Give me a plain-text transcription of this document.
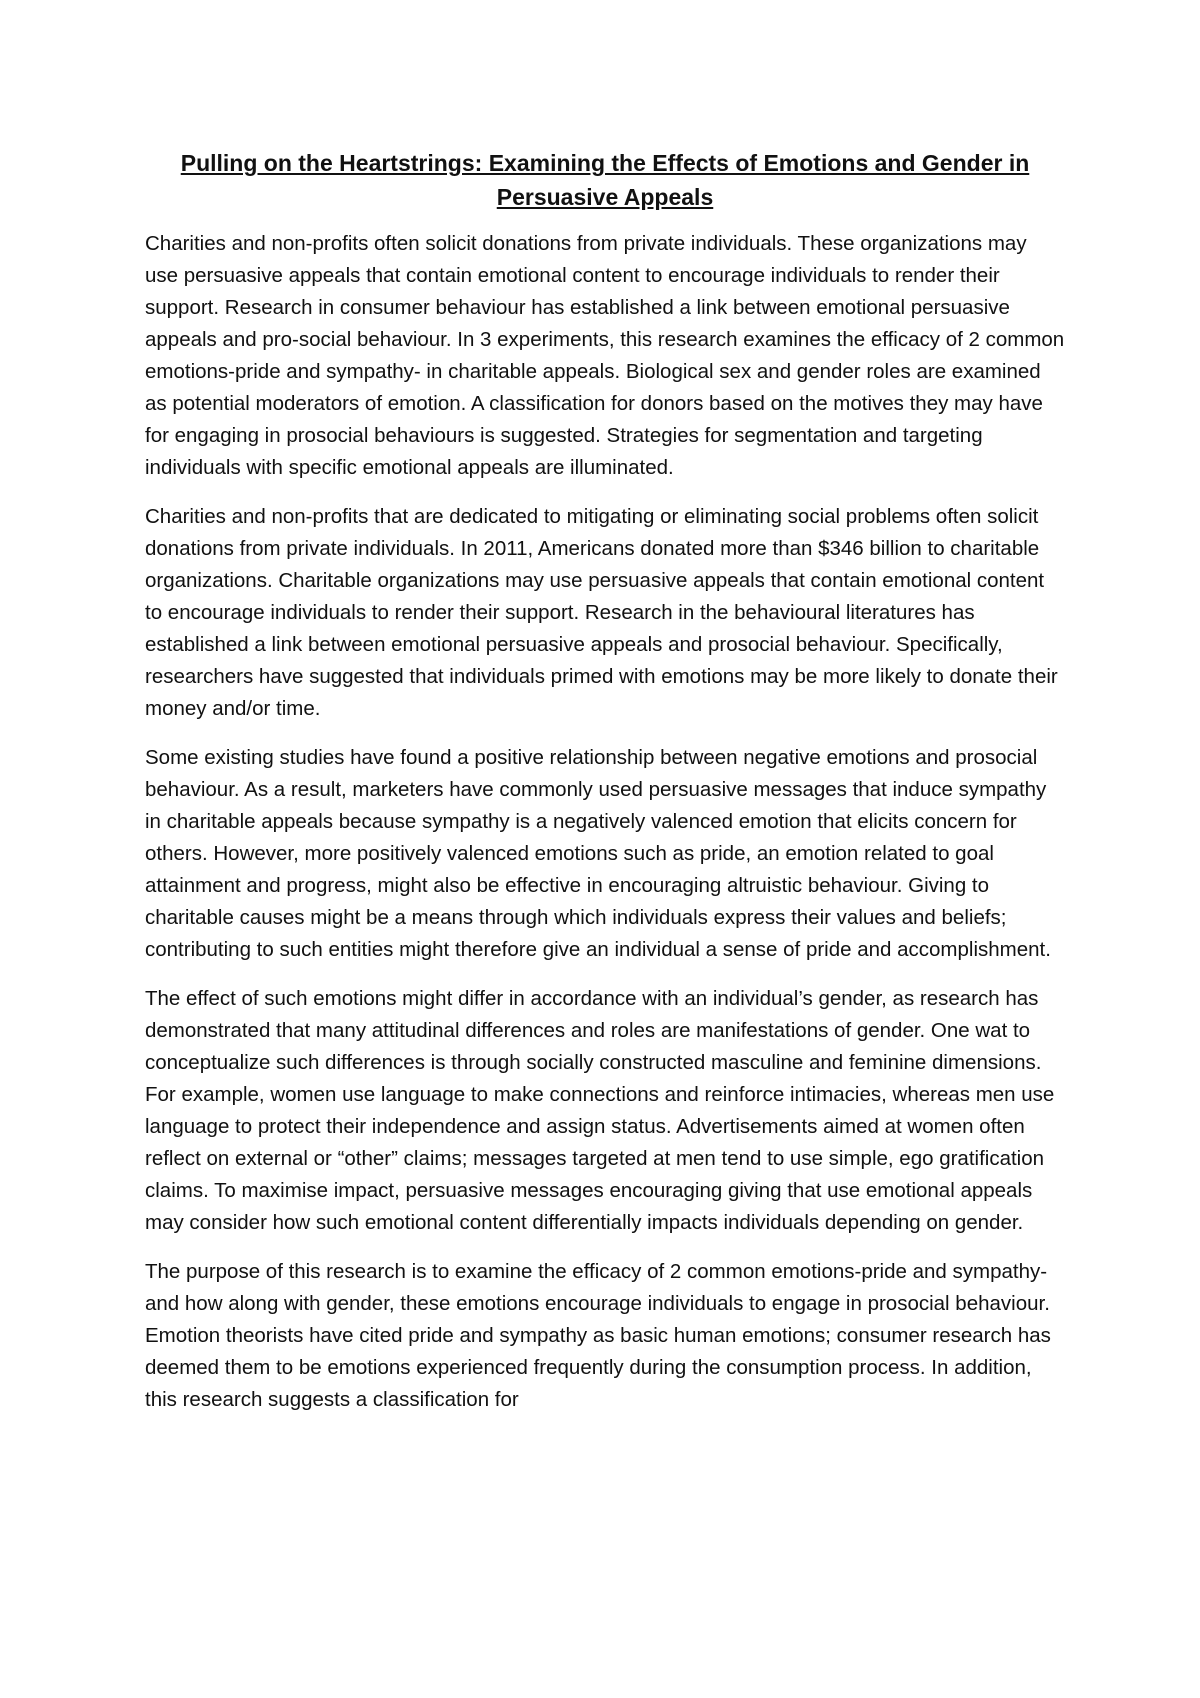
Pulling on the Heartstrings: Examining the Effects of Emotions and Gender in Persuasive Appeals

Charities and non-profits often solicit donations from private individuals. These organizations may use persuasive appeals that contain emotional content to encourage individuals to render their support. Research in consumer behaviour has established a link between emotional persuasive appeals and pro-social behaviour. In 3 experiments, this research examines the efficacy of 2 common emotions-pride and sympathy- in charitable appeals. Biological sex and gender roles are examined as potential moderators of emotion. A classification for donors based on the motives they may have for engaging in prosocial behaviours is suggested. Strategies for segmentation and targeting individuals with specific emotional appeals are illuminated.

Charities and non-profits that are dedicated to mitigating or eliminating social problems often solicit donations from private individuals. In 2011, Americans donated more than $346 billion to charitable organizations. Charitable organizations may use persuasive appeals that contain emotional content to encourage individuals to render their support. Research in the behavioural literatures has established a link between emotional persuasive appeals and prosocial behaviour. Specifically, researchers have suggested that individuals primed with emotions may be more likely to donate their money and/or time.

Some existing studies have found a positive relationship between negative emotions and prosocial behaviour. As a result, marketers have commonly used persuasive messages that induce sympathy in charitable appeals because sympathy is a negatively valenced emotion that elicits concern for others. However, more positively valenced emotions such as pride, an emotion related to goal attainment and progress, might also be effective in encouraging altruistic behaviour. Giving to charitable causes might be a means through which individuals express their values and beliefs; contributing to such entities might therefore give an individual a sense of pride and accomplishment.

The effect of such emotions might differ in accordance with an individual’s gender, as research has demonstrated that many attitudinal differences and roles are manifestations of gender. One wat to conceptualize such differences is through socially constructed masculine and feminine dimensions. For example, women use language to make connections and reinforce intimacies, whereas men use language to protect their independence and assign status. Advertisements aimed at women often reflect on external or “other” claims; messages targeted at men tend to use simple, ego gratification claims. To maximise impact, persuasive messages encouraging giving that use emotional appeals may consider how such emotional content differentially impacts individuals depending on gender.

The purpose of this research is to examine the efficacy of 2 common emotions-pride and sympathy-and how along with gender, these emotions encourage individuals to engage in prosocial behaviour. Emotion theorists have cited pride and sympathy as basic human emotions; consumer research has deemed them to be emotions experienced frequently during the consumption process. In addition, this research suggests a classification for
